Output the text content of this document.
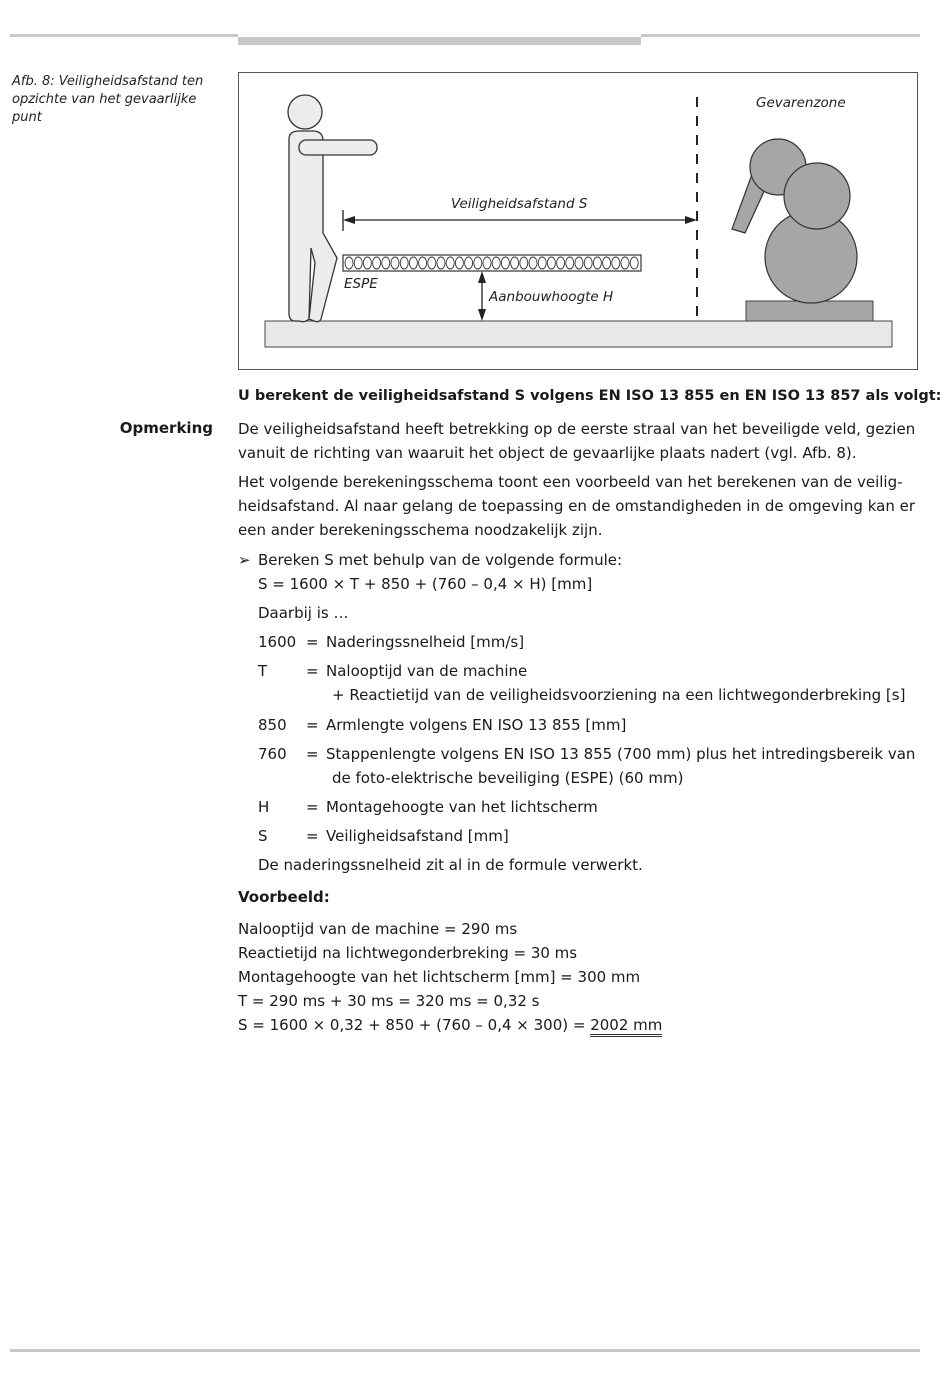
Afb. 8: Veiligheidsafstand ten opzichte van het gevaarlijke punt
Gevarenzone
Veiligheidsafstand S
ESPE
Aanbouwhoogte H
U berekent de veiligheidsafstand S volgens EN ISO 13 855 en EN ISO 13 857 als volgt:
Opmerking De veiligheidsafstand heeft betrekking op de eerste straal van het beveiligde veld, gezien vanuit de richting van waaruit het object de gevaarlijke plaats nadert (vgl. Afb. 8).
Het volgende berekeningsschema toont een voorbeeld van het berekenen van de veilig-heidsafstand. Al naar gelang de toepassing en de omstandigheden in de omgeving kan er een ander berekeningsschema noodzakelijk zijn.
➢ Bereken S met behulp van de volgende formule:
S = 1600 × T + 850 + (760 – 0,4 × H) [mm]
Daarbij is …
1600 = Naderingssnelheid [mm/s]
T	= Nalooptijd van de machine
+ Reactietijd van de veiligheidsvoorziening na een lichtwegonderbreking [s]
850 = Armlengte volgens EN ISO 13 855 [mm]
760 = Stappenlengte volgens EN ISO 13 855 (700 mm) plus het intredingsbereik van
de foto-elektrische beveiliging (ESPE) (60 mm)
H = Montagehoogte van het lichtscherm
S	= Veiligheidsafstand [mm]
De naderingssnelheid zit al in de formule verwerkt.
Voorbeeld:
Nalooptijd van de machine = 290 ms
Reactietijd na lichtwegonderbreking = 30 ms
Montagehoogte van het lichtscherm [mm] = 300 mm
T = 290 ms + 30 ms = 320 ms = 0,32 s
S = 1600 × 0,32 + 850 + (760 – 0,4 × 300) = 2002 mm
